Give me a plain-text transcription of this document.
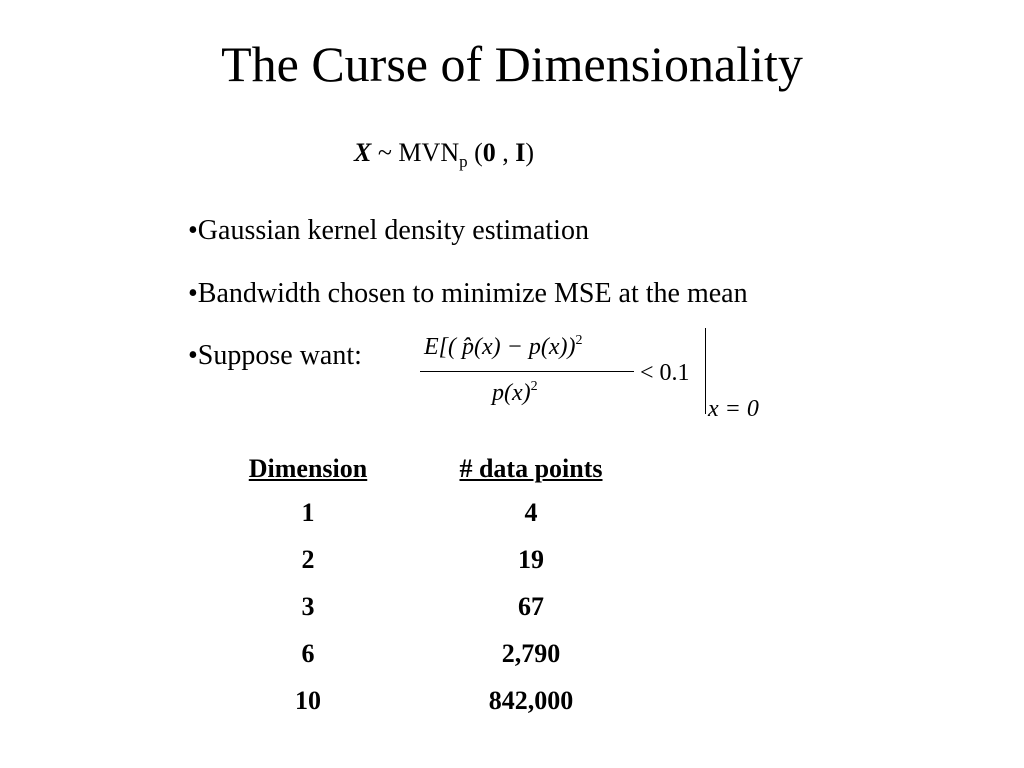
The Curse of Dimensionality
X ~ $MVN_p$ (0 , I)
•Gaussian kernel density estimation
•Bandwidth chosen to minimize MSE at the mean
•Suppose want:	E[( p̂(x) − p(x))$^2$
$p(x)^2$
< 0.1
x = 0
Dimension	# data points
1	4
2	19
3	67
6	2,790
10	842,000
